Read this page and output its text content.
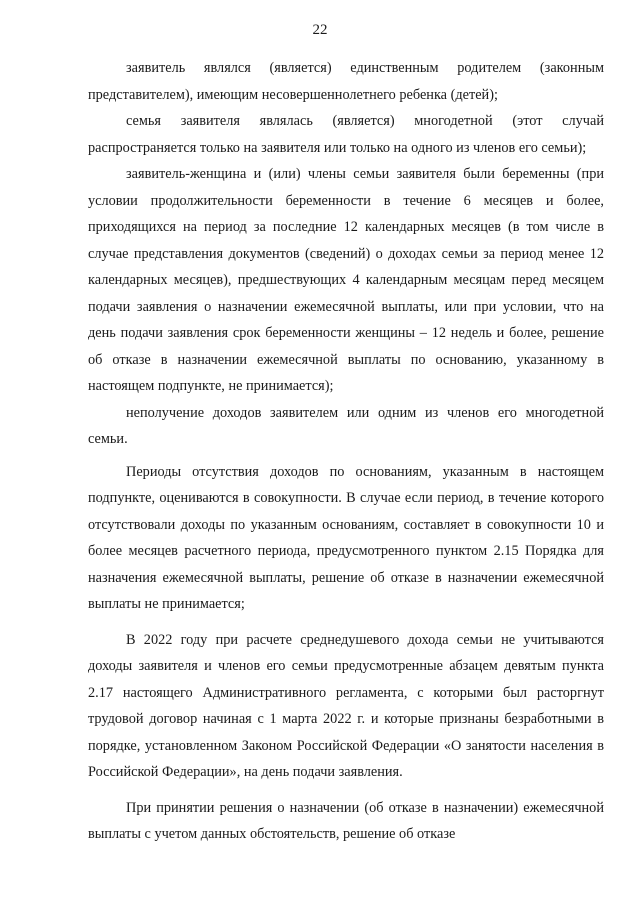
22

заявитель являлся (является) единственным родителем (законным представителем), имеющим несовершеннолетнего ребенка (детей);

семья заявителя являлась (является) многодетной (этот случай распространяется только на заявителя или только на одного из членов его семьи);

заявитель-женщина и (или) члены семьи заявителя были беременны (при условии продолжительности беременности в течение 6 месяцев и более, приходящихся на период за последние 12 календарных месяцев (в том числе в случае представления документов (сведений) о доходах семьи за период менее 12 календарных месяцев), предшествующих 4 календарным месяцам перед месяцем подачи заявления о назначении ежемесячной выплаты, или при условии, что на день подачи заявления срок беременности женщины – 12 недель и более, решение об отказе в назначении ежемесячной выплаты по основанию, указанному в настоящем подпункте, не принимается);

неполучение доходов заявителем или одним из членов его многодетной семьи.

Периоды отсутствия доходов по основаниям, указанным в настоящем подпункте, оцениваются в совокупности. В случае если период, в течение которого отсутствовали доходы по указанным основаниям, составляет в совокупности 10 и более месяцев расчетного периода, предусмотренного пунктом 2.15 Порядка для назначения ежемесячной выплаты, решение об отказе в назначении ежемесячной выплаты не принимается;

В 2022 году при расчете среднедушевого дохода семьи не учитываются доходы заявителя и членов его семьи предусмотренные абзацем девятым пункта 2.17 настоящего Административного регламента, с которыми был расторгнут трудовой договор начиная с 1 марта 2022 г. и которые признаны безработными в порядке, установленном Законом Российской Федерации «О занятости населения в Российской Федерации», на день подачи заявления.

При принятии решения о назначении (об отказе в назначении) ежемесячной выплаты с учетом данных обстоятельств, решение об отказе
